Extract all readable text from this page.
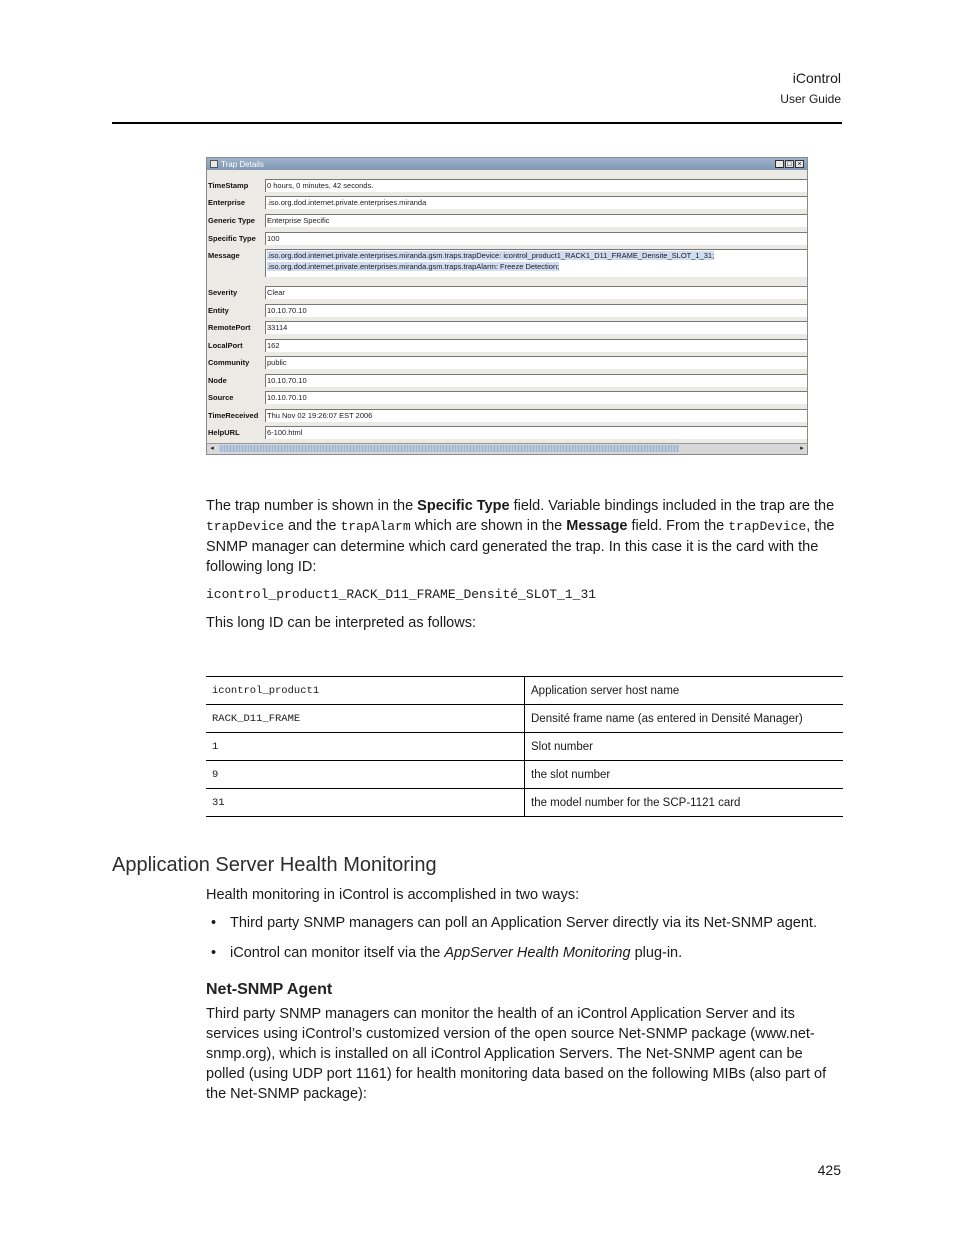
iControl
User Guide
Trap Details	_ □ ×
TimeStamp 0 hours, 0 minutes, 42 seconds.
Enterprise	.iso.org.dod.internet.private.enterprises.miranda
Generic Type Enterprise Specific
Specific Type 100
Message	.iso.org.dod.internet.private.enterprises.miranda.gsm.traps.trapDevice: icontrol_product1_RACK1_D11_FRAME_Densite_SLOT_1_31;
.iso.org.dod.internet.private.enterprises.miranda.gsm.traps.trapAlarm: Freeze Detection;
Severity	Clear
Entity	10.10.70.10
RemotePort 33114
LocalPort	162
Community public
Node	10.10.70.10
Source	10.10.70.10
TimeReceived Thu Nov 02 19:26:07 EST 2006
HelpURL	6-100.html
◂	▸
The trap number is shown in the Specific Type field. Variable bindings included in the trap are the trapDevice and the trapAlarm which are shown in the Message field. From the trapDevice, the SNMP manager can determine which card generated the trap. In this case it is the card with the following long ID:
icontrol_product1_RACK_D11_FRAME_Densité_SLOT_1_31
This long ID can be interpreted as follows:
icontrol_product1	Application server host name
RACK_D11_FRAME	Densité frame name (as entered in Densité Manager)
1	Slot number
9	the slot number
31	the model number for the SCP-1121 card
Application Server Health Monitoring
Health monitoring in iControl is accomplished in two ways:
• Third party SNMP managers can poll an Application Server directly via its Net-SNMP agent.
• iControl can monitor itself via the AppServer Health Monitoring plug-in.
Net-SNMP Agent
Third party SNMP managers can monitor the health of an iControl Application Server and its services using iControl’s customized version of the open source Net-SNMP package (www.net-snmp.org), which is installed on all iControl Application Servers. The Net-SNMP agent can be polled (using UDP port 1161) for health monitoring data based on the following MIBs (also part of the Net-SNMP package):
425
